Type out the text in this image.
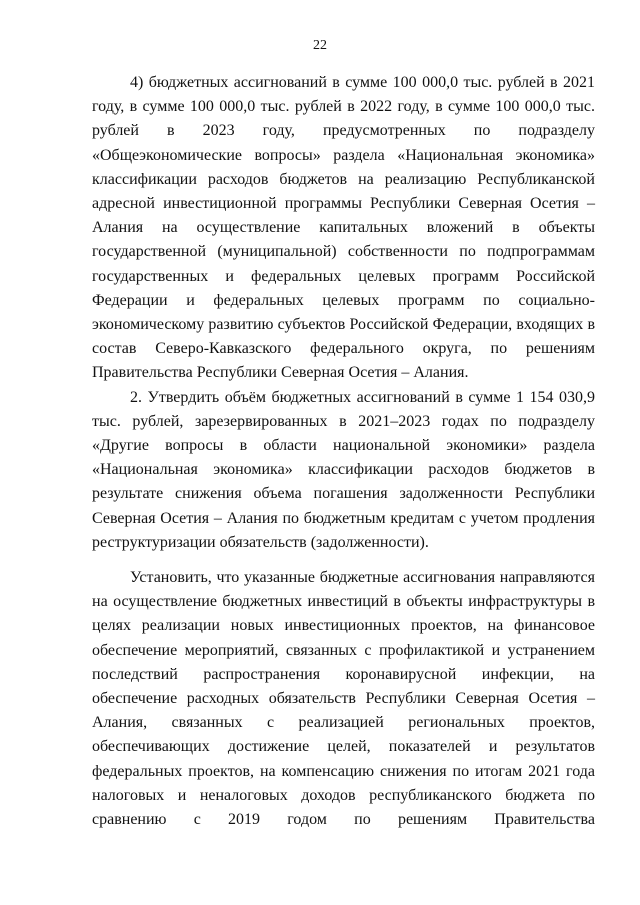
22

4) бюджетных ассигнований в сумме 100 000,0 тыс. рублей в 2021 году, в сумме 100 000,0 тыс. рублей в 2022 году, в сумме 100 000,0 тыс. рублей в 2023 году, предусмотренных по подразделу «Общеэкономические вопросы» раздела «Национальная экономика» классификации расходов бюджетов на реализацию Республиканской адресной инвестиционной программы Республики Северная Осетия – Алания на осуществление капитальных вложений в объекты государственной (муниципальной) собственности по подпрограммам государственных и федеральных целевых программ Российской Федерации и федеральных целевых программ по социально-экономическому развитию субъектов Российской Федерации, входящих в состав Северо-Кавказского федерального округа, по решениям Правительства Республики Северная Осетия – Алания.

2. Утвердить объём бюджетных ассигнований в сумме 1 154 030,9 тыс. рублей, зарезервированных в 2021–2023 годах по подразделу «Другие вопросы в области национальной экономики» раздела «Национальная экономика» классификации расходов бюджетов в результате снижения объема погашения задолженности Республики Северная Осетия – Алания по бюджетным кредитам с учетом продления реструктуризации обязательств (задолженности).

Установить, что указанные бюджетные ассигнования направляются на осуществление бюджетных инвестиций в объекты инфраструктуры в целях реализации новых инвестиционных проектов, на финансовое обеспечение мероприятий, связанных с профилактикой и устранением последствий распространения коронавирусной инфекции, на обеспечение расходных обязательств Республики Северная Осетия – Алания, связанных с реализацией региональных проектов, обеспечивающих достижение целей, показателей и результатов федеральных проектов, на компенсацию снижения по итогам 2021 года налоговых и неналоговых доходов республиканского бюджета по сравнению с 2019 годом по решениям Правительства
